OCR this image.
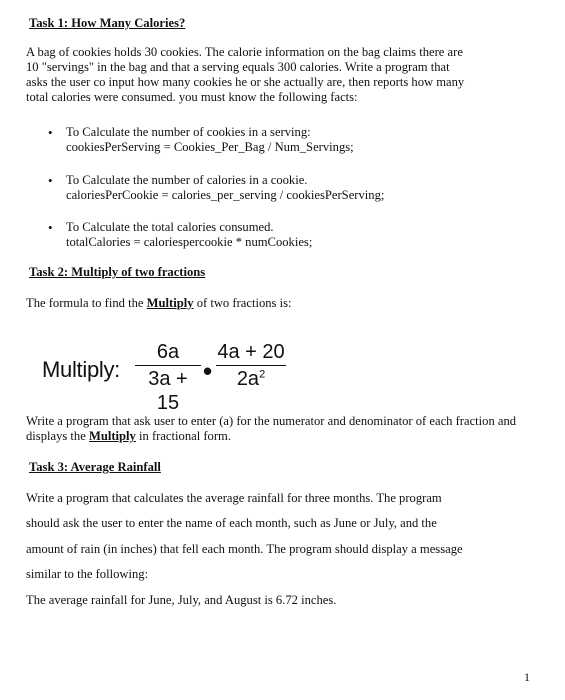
Task 1: How Many Calories?

A bag of cookies holds 30 cookies. The calorie information on the bag claims there are
10 "servings" in the bag and that a serving equals 300 calories. Write a program that
asks the user co input how many cookies he or she actually are, then reports how many
total calories were consumed. you must know the following facts:

• To Calculate the number of cookies in a serving:
cookiesPerServing = Cookies_Per_Bag / Num_Servings;
• To Calculate the number of calories in a cookie.
caloriesPerCookie = calories_per_serving / cookiesPerServing;
• To Calculate the total calories consumed.
totalCalories = caloriespercookie * numCookies;
Task 2: Multiply of two fractions

The formula to find the Multiply of two fractions is:

Multiply:
6a
3a + 15
•
4a + 20
$2a^2$

Write a program that ask user to enter (a) for the numerator and denominator of each fraction and
displays the Multiply in fractional form.

Task 3: Average Rainfall

Write a program that calculates the average rainfall for three months. The program
should ask the user to enter the name of each month, such as June or July, and the
amount of rain (in inches) that fell each month. The program should display a message
similar to the following:
The average rainfall for June, July, and August is 6.72 inches.

1
